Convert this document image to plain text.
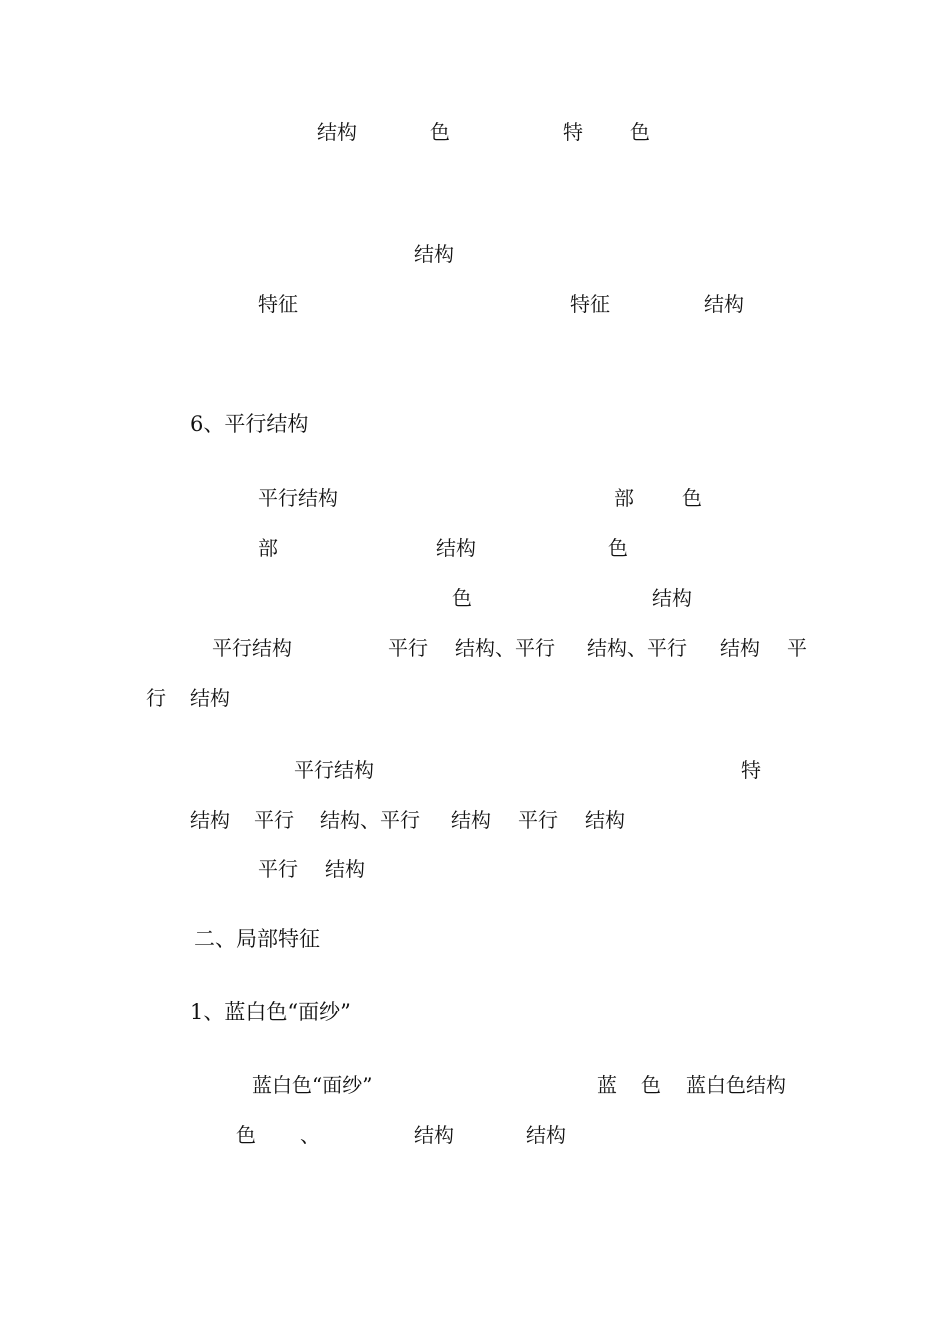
结构	色	特 色
结构
特征	特征	结构
6、平行结构
平行结构	部 色
部	结构	色
色	结构
平行结构	平行 结构、平行 结构、平行 结构 平
行 结构
平行结构	特
结构 平行 结构、平行 结构 平行 结构
平行 结构
二、局部特征
1、蓝白色“面纱”
蓝白色“面纱”	蓝 色 蓝白色结构
色 、	结构	结构
